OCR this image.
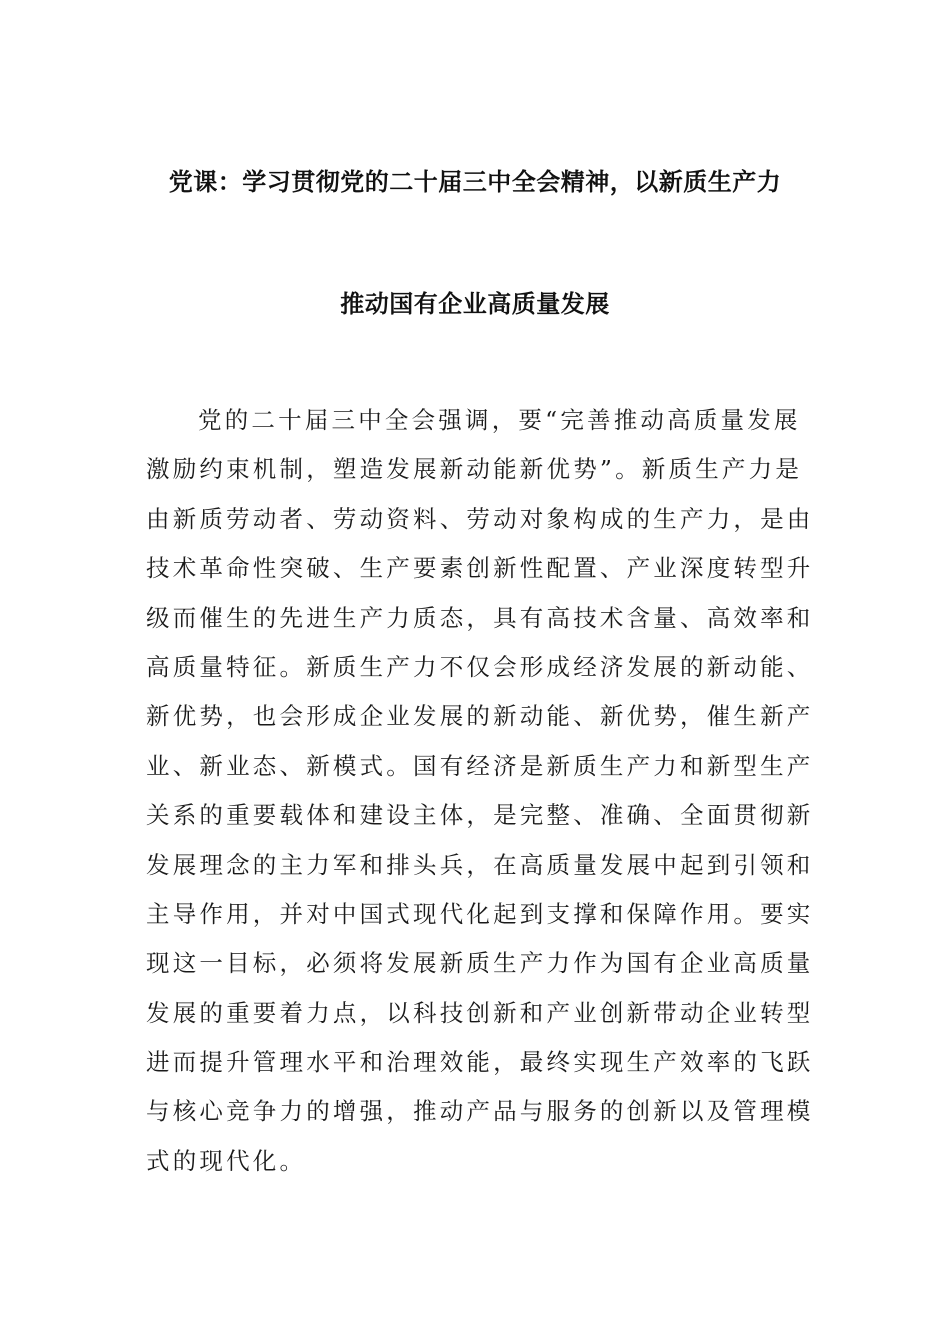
党课：学习贯彻党的二十届三中全会精神，以新质生产力
推动国有企业高质量发展
党的二十届三中全会强调，要“完善推动高质量发展
激励约束机制，塑造发展新动能新优势”。新质生产力是
由新质劳动者、劳动资料、劳动对象构成的生产力，是由
技术革命性突破、生产要素创新性配置、产业深度转型升
级而催生的先进生产力质态，具有高技术含量、高效率和
高质量特征。新质生产力不仅会形成经济发展的新动能、
新优势，也会形成企业发展的新动能、新优势，催生新产
业、新业态、新模式。国有经济是新质生产力和新型生产
关系的重要载体和建设主体，是完整、准确、全面贯彻新
发展理念的主力军和排头兵，在高质量发展中起到引领和
主导作用，并对中国式现代化起到支撑和保障作用。要实
现这一目标，必须将发展新质生产力作为国有企业高质量
发展的重要着力点，以科技创新和产业创新带动企业转型
进而提升管理水平和治理效能，最终实现生产效率的飞跃
与核心竞争力的增强，推动产品与服务的创新以及管理模
式的现代化。
